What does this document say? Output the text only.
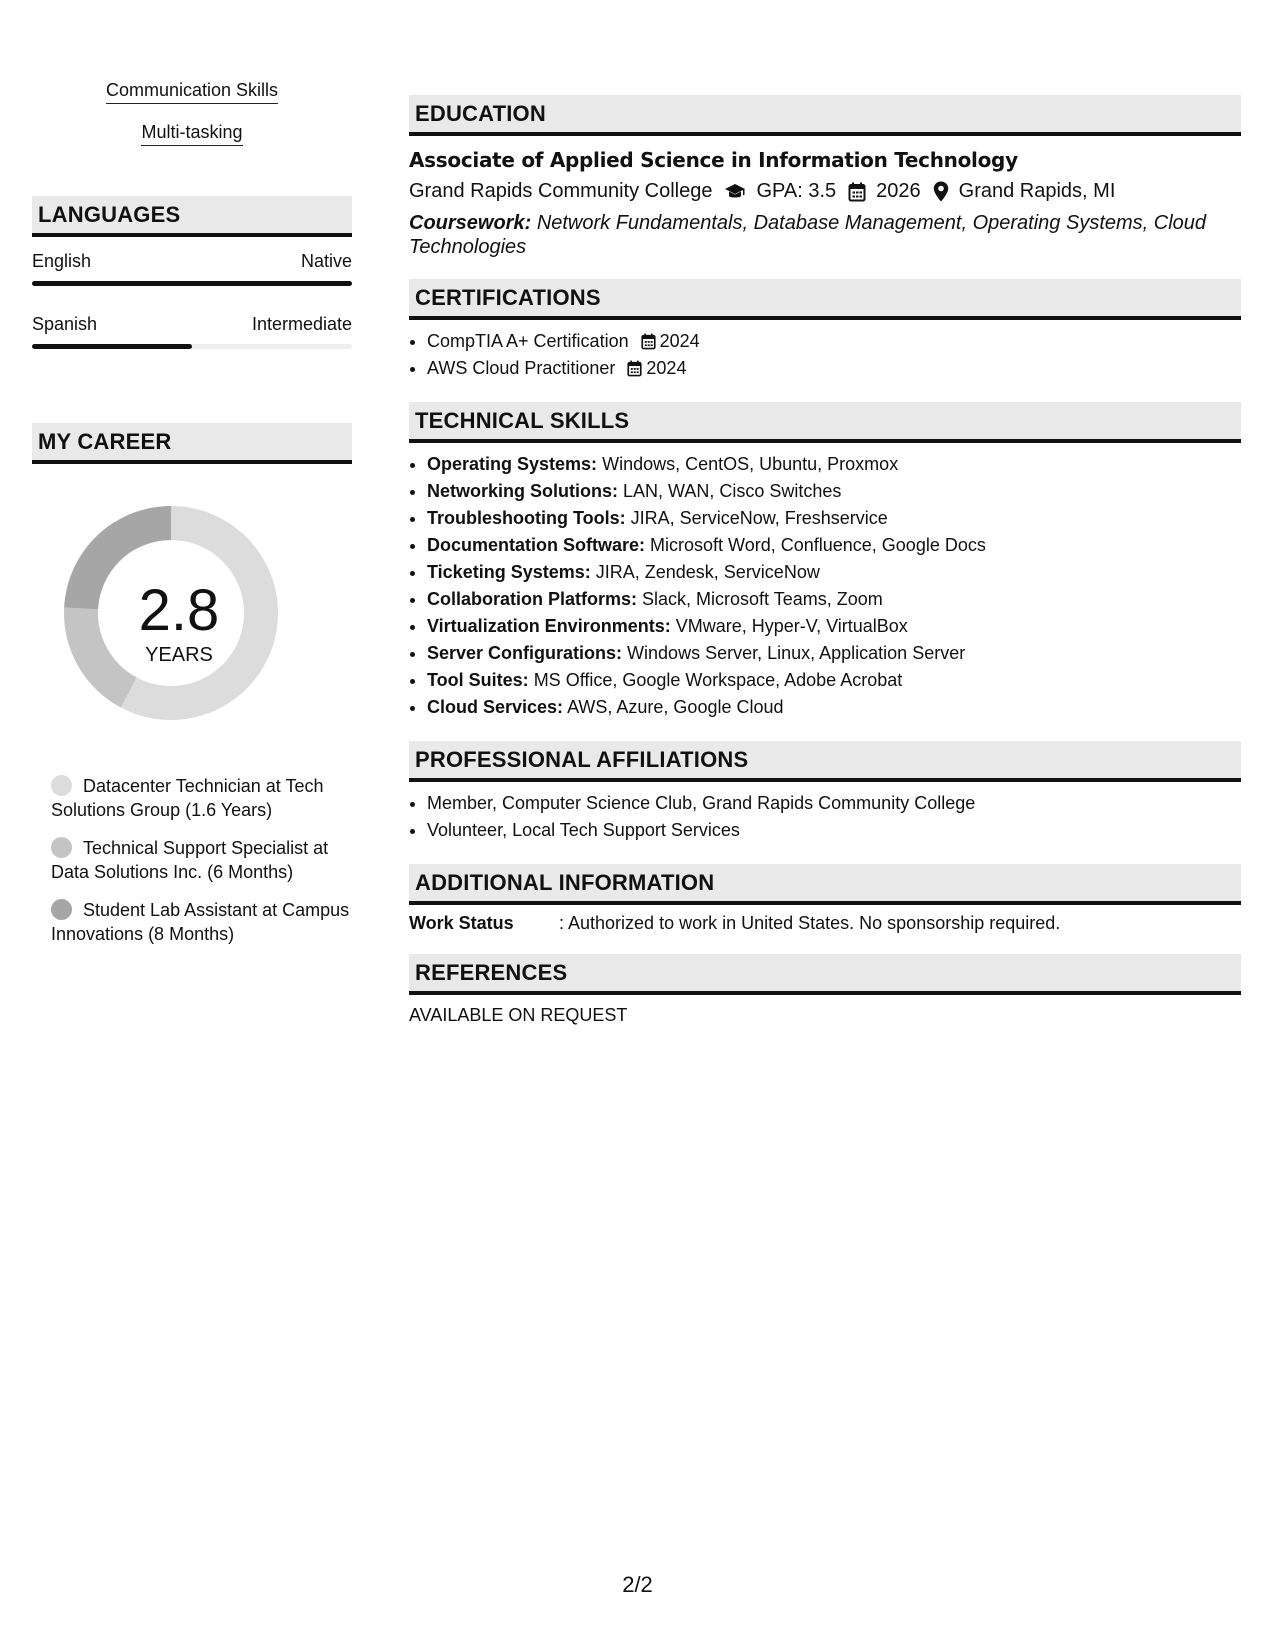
Communication Skills
Multi-tasking
LANGUAGES
English	Native
Spanish	Intermediate
MY CAREER
2.8
YEARS
Datacenter Technician at Tech Solutions Group (1.6 Years)
Technical Support Specialist at Data Solutions Inc. (6 Months)
Student Lab Assistant at Campus Innovations (8 Months)
EDUCATION
Associate of Applied Science in Information Technology
Grand Rapids Community College GPA: 3.5 2026 Grand Rapids, MI
Coursework: Network Fundamentals, Database Management, Operating Systems, Cloud Technologies
CERTIFICATIONS
• CompTIA A+ Certification 2024
• AWS Cloud Practitioner 2024
TECHNICAL SKILLS
• Operating Systems: Windows, CentOS, Ubuntu, Proxmox
• Networking Solutions: LAN, WAN, Cisco Switches
• Troubleshooting Tools: JIRA, ServiceNow, Freshservice
• Documentation Software: Microsoft Word, Confluence, Google Docs
• Ticketing Systems: JIRA, Zendesk, ServiceNow
• Collaboration Platforms: Slack, Microsoft Teams, Zoom
• Virtualization Environments: VMware, Hyper-V, VirtualBox
• Server Configurations: Windows Server, Linux, Application Server
• Tool Suites: MS Office, Google Workspace, Adobe Acrobat
• Cloud Services: AWS, Azure, Google Cloud
PROFESSIONAL AFFILIATIONS
• Member, Computer Science Club, Grand Rapids Community College
• Volunteer, Local Tech Support Services
ADDITIONAL INFORMATION
Work Status	: Authorized to work in United States. No sponsorship required.
REFERENCES
AVAILABLE ON REQUEST
2/2
